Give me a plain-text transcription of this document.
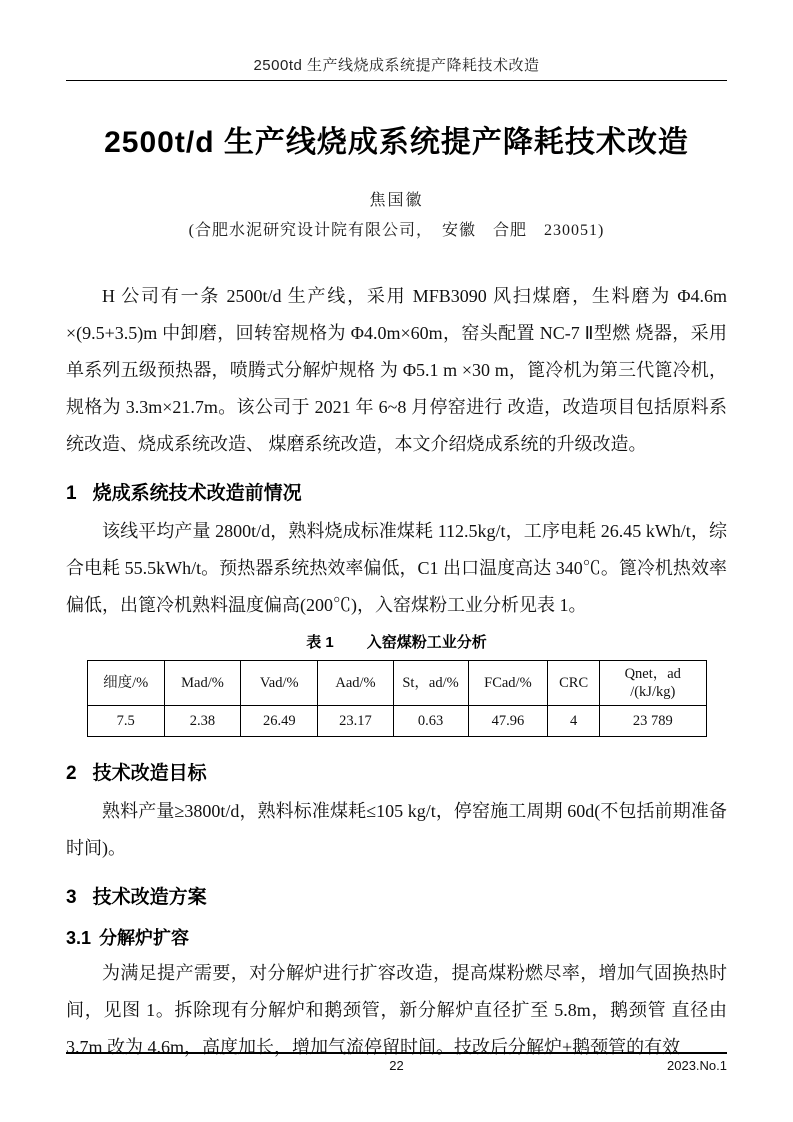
2500td 生产线烧成系统提产降耗技术改造
2500t/d 生产线烧成系统提产降耗技术改造
焦国徽
(合肥水泥研究设计院有限公司，　安徽　合肥　230051)

H 公司有一条 2500t/d 生产线，采用 MFB3090 风扫煤磨，生料磨为 Φ4.6m ×(9.5+3.5)m 中卸磨，回转窑规格为 Φ4.0m×60m，窑头配置 NC-7 Ⅱ型燃 烧器，采用单系列五级预热器，喷腾式分解炉规格 为 Φ5.1 m ×30 m，篦冷机为第三代篦冷机，规格为 3.3m×21.7m。该公司于 2021 年 6~8 月停窑进行 改造，改造项目包括原料系统改造、烧成系统改造、 煤磨系统改造，本文介绍烧成系统的升级改造。

1 烧成系统技术改造前情况

该线平均产量 2800t/d，熟料烧成标准煤耗 112.5kg/t，工序电耗 26.45 kWh/t，综合电耗 55.5kWh/t。预热器系统热效率偏低，C1 出口温度高达 340℃。篦冷机热效率偏低，出篦冷机熟料温度偏高(200℃)，入窑煤粉工业分析见表 1。

表 1 入窑煤粉工业分析
细度/%	Mad/%	Vad/%	Aad/%	St，ad/%	FCad/%	CRC	Qnet，ad /(kJ/kg)
7.5	2.38	26.49	23.17	0.63	47.96	4	23 789
2 技术改造目标

熟料产量≥3800t/d，熟料标准煤耗≤105 kg/t，停窑施工周期 60d(不包括前期准备时间)。

3 技术改造方案
3.1 分解炉扩容

为满足提产需要，对分解炉进行扩容改造，提高煤粉燃尽率，增加气固换热时间，见图 1。拆除现有分解炉和鹅颈管，新分解炉直径扩至 5.8m，鹅颈管 直径由 3.7m 改为 4.6m，高度加长，增加气流停留时间。技改后分解炉+鹅颈管的有效

22	2023.No.1
